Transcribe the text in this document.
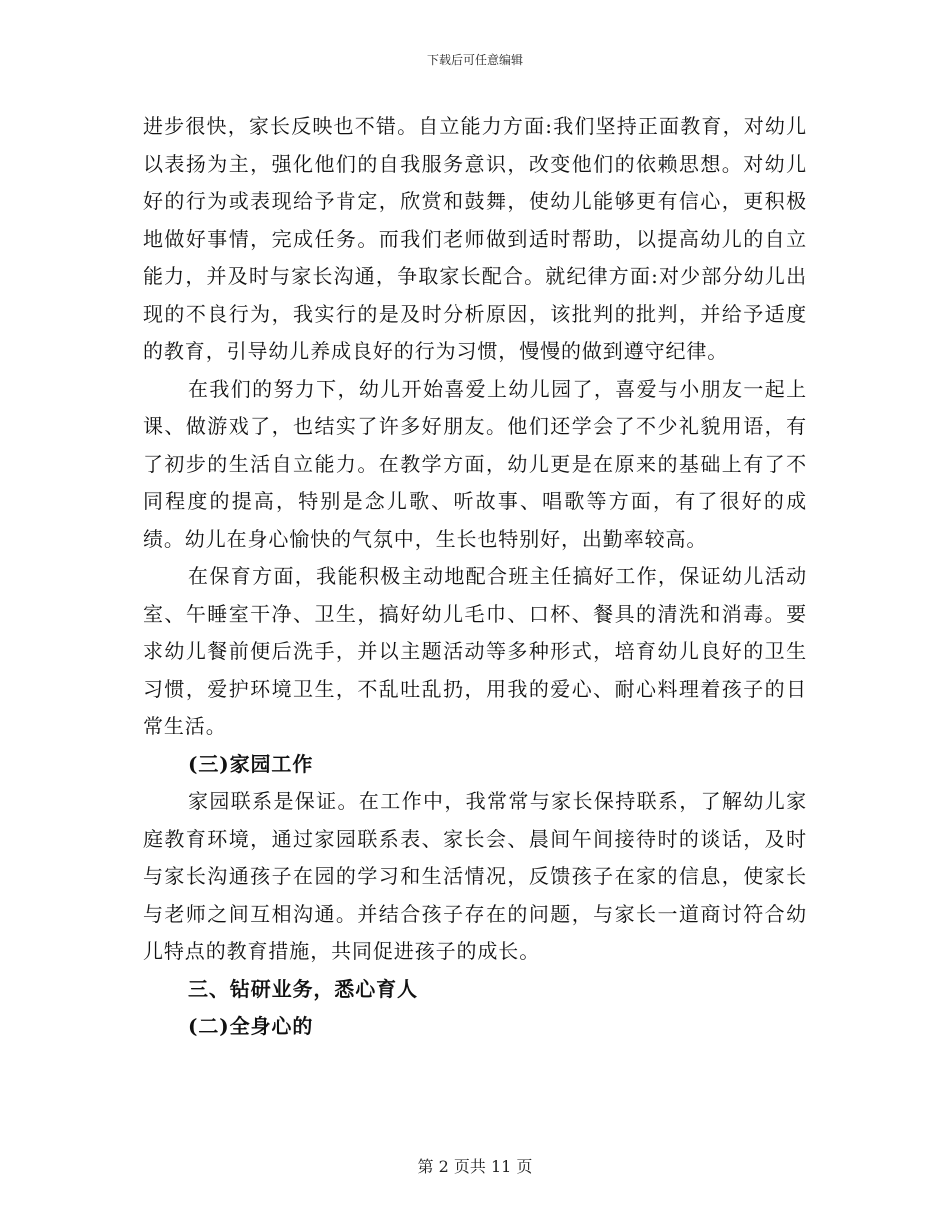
下载后可任意编辑

进步很快，家长反映也不错。自立能力方面:我们坚持正面教育，对幼儿以表扬为主，强化他们的自我服务意识，改变他们的依赖思想。对幼儿好的行为或表现给予肯定，欣赏和鼓舞，使幼儿能够更有信心，更积极地做好事情，完成任务。而我们老师做到适时帮助，以提高幼儿的自立能力，并及时与家长沟通，争取家长配合。就纪律方面:对少部分幼儿出现的不良行为，我实行的是及时分析原因，该批判的批判，并给予适度的教育，引导幼儿养成良好的行为习惯，慢慢的做到遵守纪律。

在我们的努力下，幼儿开始喜爱上幼儿园了，喜爱与小朋友一起上课、做游戏了，也结实了许多好朋友。他们还学会了不少礼貌用语，有了初步的生活自立能力。在教学方面，幼儿更是在原来的基础上有了不同程度的提高，特别是念儿歌、听故事、唱歌等方面，有了很好的成绩。幼儿在身心愉快的气氛中，生长也特别好，出勤率较高。

在保育方面，我能积极主动地配合班主任搞好工作，保证幼儿活动室、午睡室干净、卫生，搞好幼儿毛巾、口杯、餐具的清洗和消毒。要求幼儿餐前便后洗手，并以主题活动等多种形式，培育幼儿良好的卫生习惯，爱护环境卫生，不乱吐乱扔，用我的爱心、耐心料理着孩子的日常生活。

(三)家园工作

家园联系是保证。在工作中，我常常与家长保持联系，了解幼儿家庭教育环境，通过家园联系表、家长会、晨间午间接待时的谈话，及时与家长沟通孩子在园的学习和生活情况，反馈孩子在家的信息，使家长与老师之间互相沟通。并结合孩子存在的问题，与家长一道商讨符合幼儿特点的教育措施，共同促进孩子的成长。

三、钻研业务，悉心育人

(二)全身心的

第 2 页共 11 页
